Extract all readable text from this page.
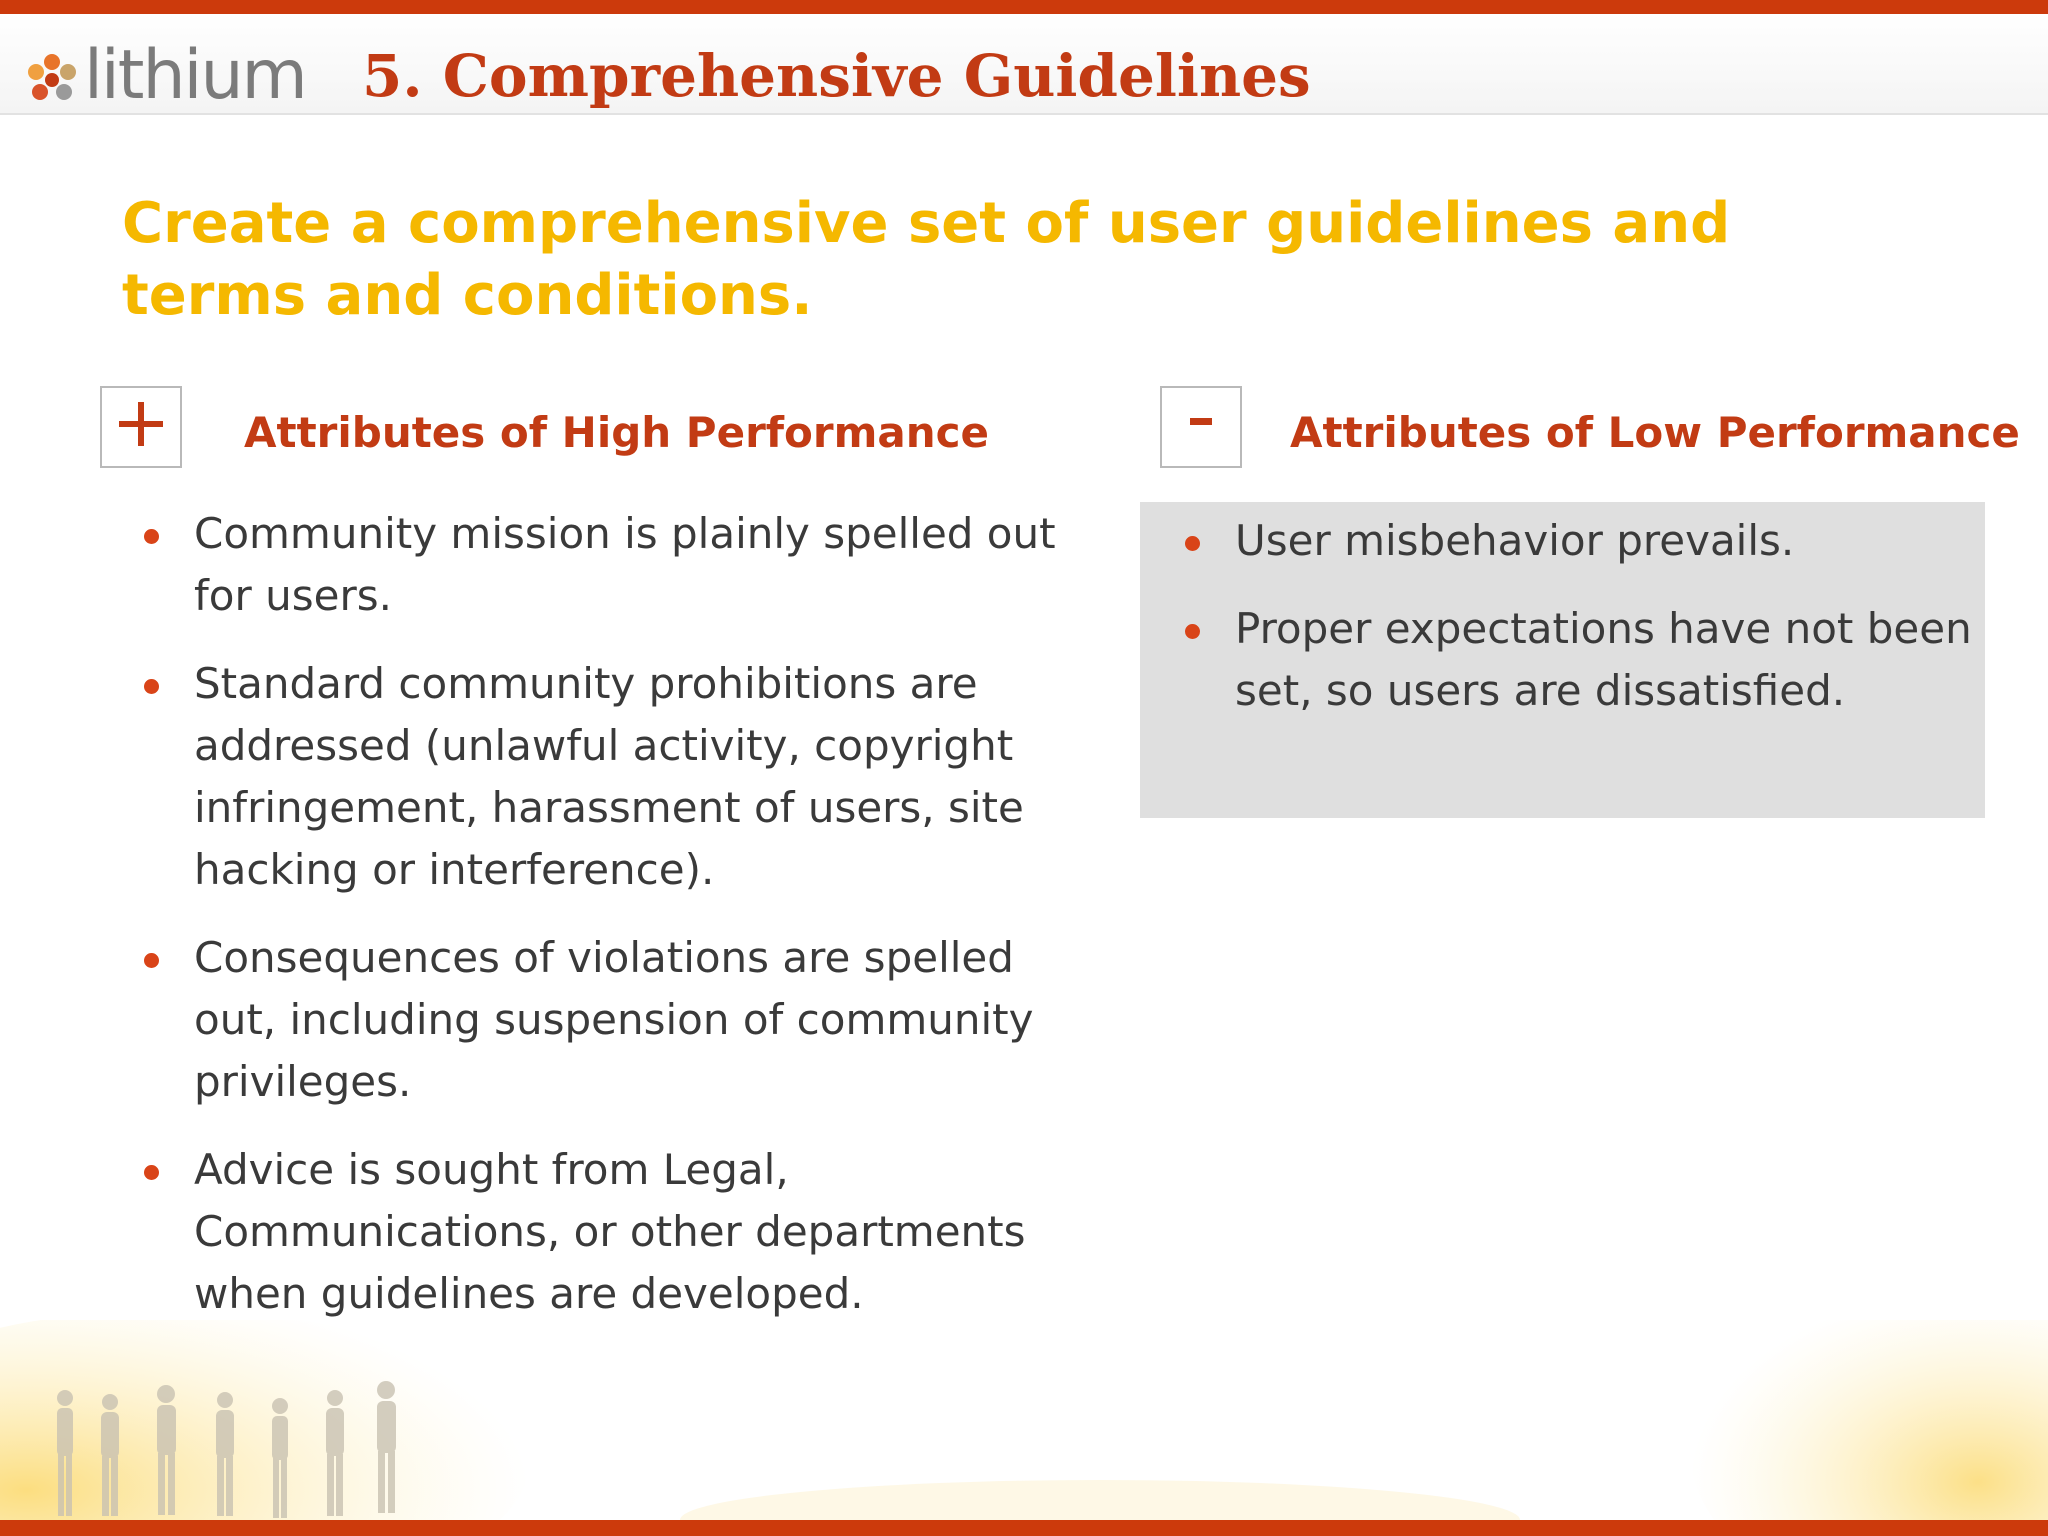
lithium 5. Comprehensive Guidelines
Create a comprehensive set of user guidelines and terms and conditions.
Attributes of High Performance	Attributes of Low Performance
Community mission is plainly spelled out for users.
Standard community prohibitions are addressed (unlawful activity, copyright infringement, harassment of users, site hacking or interference).
Consequences of violations are spelled out, including suspension of community privileges.
Advice is sought from Legal, Communications, or other departments when guidelines are developed.
User misbehavior prevails.
Proper expectations have not been set, so users are dissatisfied.
